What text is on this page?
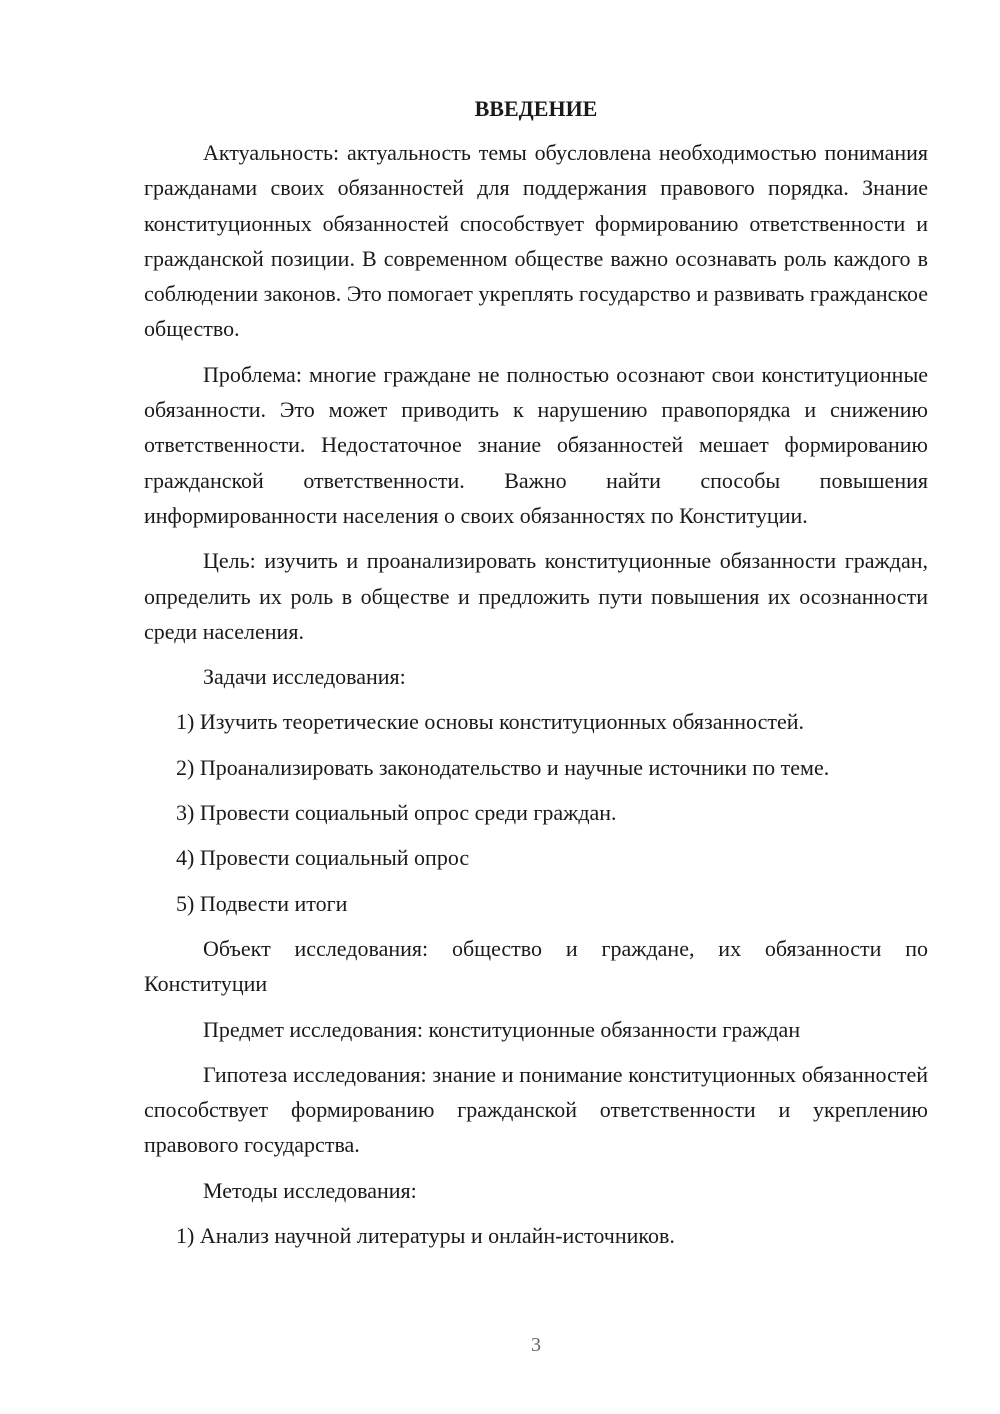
ВВЕДЕНИЕ

Актуальность: актуальность темы обусловлена необходимостью понимания гражданами своих обязанностей для поддержания правового порядка. Знание конституционных обязанностей способствует формированию ответственности и гражданской позиции. В современном обществе важно осознавать роль каждого в соблюдении законов. Это помогает укреплять государство и развивать гражданское общество.

Проблема: многие граждане не полностью осознают свои конституционные обязанности. Это может приводить к нарушению правопорядка и снижению ответственности. Недостаточное знание обязанностей мешает формированию гражданской ответственности. Важно найти способы повышения информированности населения о своих обязанностях по Конституции.

Цель: изучить и проанализировать конституционные обязанности граждан, определить их роль в обществе и предложить пути повышения их осознанности среди населения.

Задачи исследования:

1) Изучить теоретические основы конституционных обязанностей.

2) Проанализировать законодательство и научные источники по теме.

3) Провести социальный опрос среди граждан.

4) Провести социальный опрос

5) Подвести итоги

Объект исследования: общество и граждане, их обязанности по Конституции

Предмет исследования: конституционные обязанности граждан

Гипотеза исследования: знание и понимание конституционных обязанностей способствует формированию гражданской ответственности и укреплению правового государства.

Методы исследования:

1) Анализ научной литературы и онлайн-источников.

3
